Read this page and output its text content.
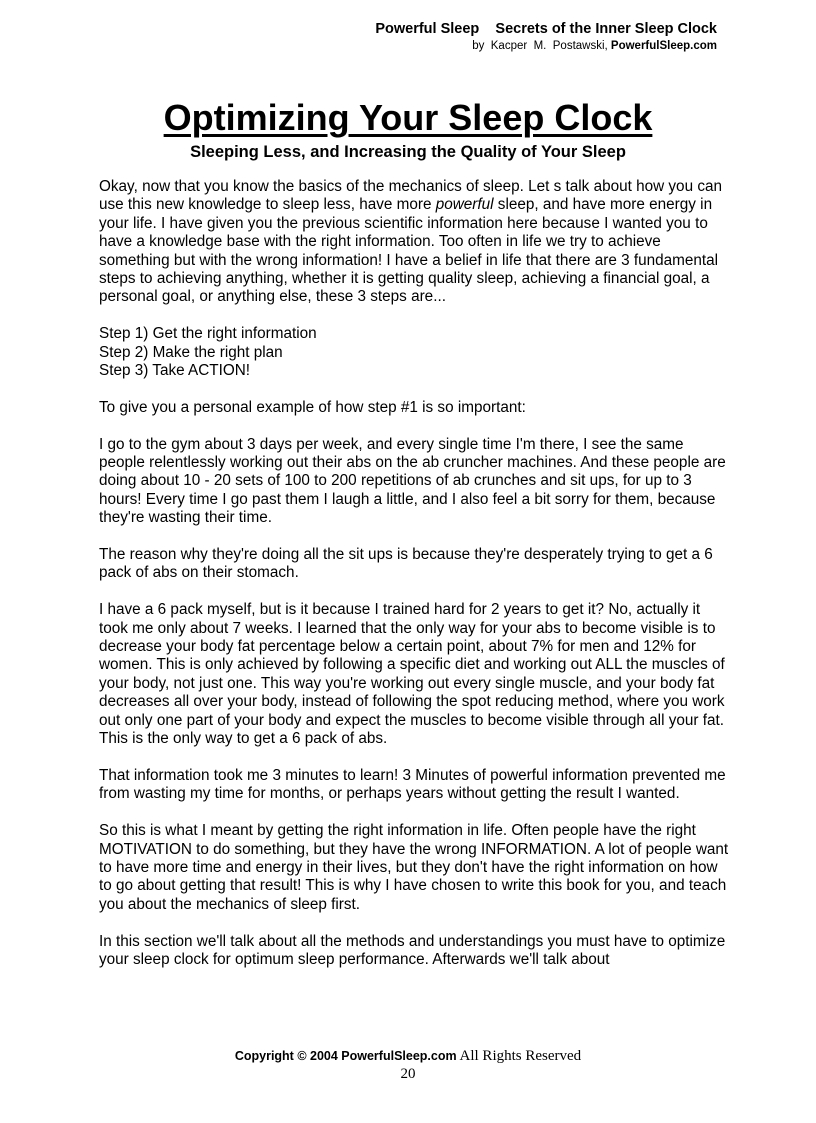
Powerful Sleep    Secrets of the Inner Sleep Clock
by  Kacper  M.  Postawski, PowerfulSleep.com
Optimizing Your Sleep Clock
Sleeping Less, and Increasing the Quality of Your Sleep

Okay, now that you know the basics of the mechanics of sleep. Let s talk about how you can use this new knowledge to sleep less, have more powerful sleep, and have more energy in your life. I have given you the previous scientific information here because I wanted you to have a knowledge base with the right information. Too often in life we try to achieve something but with the wrong information! I have a belief in life that there are 3 fundamental steps to achieving anything, whether it is getting quality sleep, achieving a financial goal, a personal goal, or anything else, these 3 steps are...

Step 1) Get the right information
Step 2) Make the right plan
Step 3) Take ACTION!

To give you a personal example of how step #1 is so important:

I go to the gym about 3 days per week, and every single time I'm there, I see the same people relentlessly working out their abs on the ab cruncher machines. And these people are doing about 10 - 20 sets of 100 to 200 repetitions of ab crunches and sit ups, for up to 3 hours! Every time I go past them I laugh a little, and I also feel a bit sorry for them, because they're wasting their time.

The reason why they're doing all the sit ups is because they're desperately trying to get a 6 pack of abs on their stomach.

I have a 6 pack myself, but is it because I trained hard for 2 years to get it? No, actually it took me only about 7 weeks. I learned that the only way for your abs to become visible is to decrease your body fat percentage below a certain point, about 7% for men and 12% for women. This is only achieved by following a specific diet and working out ALL the muscles of your body, not just one. This way you're working out every single muscle, and your body fat decreases all over your body, instead of following the spot reducing method, where you work out only one part of your body and expect the muscles to become visible through all your fat. This is the only way to get a 6 pack of abs.

That information took me 3 minutes to learn! 3 Minutes of powerful information prevented me from wasting my time for months, or perhaps years without getting the result I wanted.

So this is what I meant by getting the right information in life. Often people have the right MOTIVATION to do something, but they have the wrong INFORMATION. A lot of people want to have more time and energy in their lives, but they don't have the right information on how to go about getting that result! This is why I have chosen to write this book for you, and teach you about the mechanics of sleep first.

In this section we'll talk about all the methods and understandings you must have to optimize your sleep clock for optimum sleep performance. Afterwards we'll talk about

Copyright © 2004 PowerfulSleep.com All Rights Reserved
20
